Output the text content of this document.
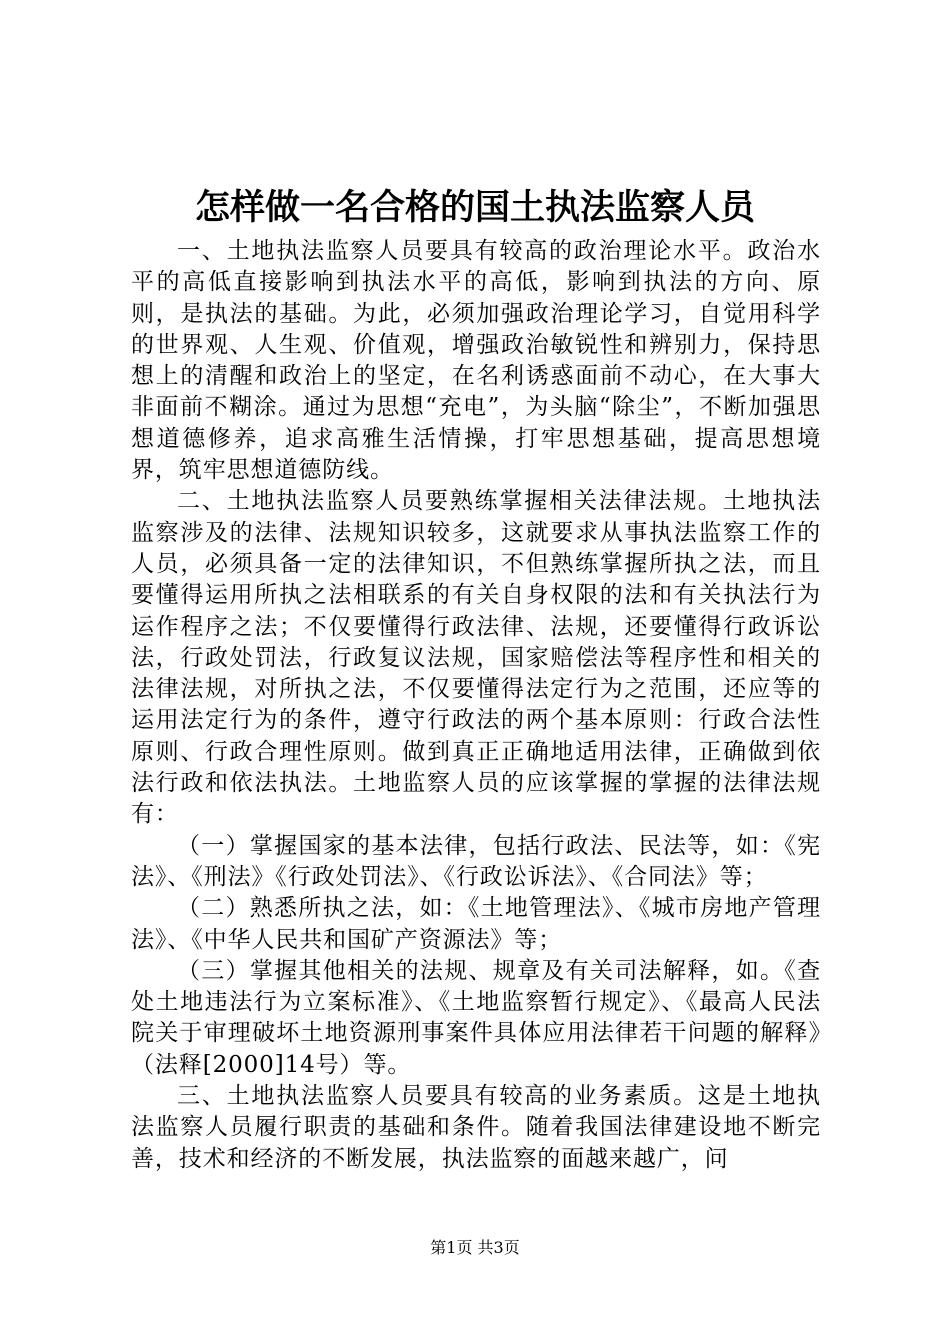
怎样做一名合格的国土执法监察人员

一、土地执法监察人员要具有较高的政治理论水平。政治水平的高低直接影响到执法水平的高低，影响到执法的方向、原则，是执法的基础。为此，必须加强政治理论学习，自觉用科学的世界观、人生观、价值观，增强政治敏锐性和辨别力，保持思想上的清醒和政治上的坚定，在名利诱惑面前不动心，在大事大非面前不糊涂。通过为思想“充电”，为头脑“除尘”，不断加强思想道德修养，追求高雅生活情操，打牢思想基础，提高思想境界，筑牢思想道德防线。

二、土地执法监察人员要熟练掌握相关法律法规。土地执法监察涉及的法律、法规知识较多，这就要求从事执法监察工作的人员，必须具备一定的法律知识，不但熟练掌握所执之法，而且要懂得运用所执之法相联系的有关自身权限的法和有关执法行为运作程序之法；不仅要懂得行政法律、法规，还要懂得行政诉讼法，行政处罚法，行政复议法规，国家赔偿法等程序性和相关的法律法规，对所执之法，不仅要懂得法定行为之范围，还应等的运用法定行为的条件，遵守行政法的两个基本原则：行政合法性原则、行政合理性原则。做到真正正确地适用法律，正确做到依法行政和依法执法。土地监察人员的应该掌握的掌握的法律法规有：

（一）掌握国家的基本法律，包括行政法、民法等，如：《宪法》、《刑法》《行政处罚法》、《行政讼诉法》、《合同法》等；

（二）熟悉所执之法，如：《土地管理法》、《城市房地产管理法》、《中华人民共和国矿产资源法》等；

（三）掌握其他相关的法规、规章及有关司法解释，如。《查处土地违法行为立案标准》、《土地监察暂行规定》、《最高人民法院关于审理破坏土地资源刑事案件具体应用法律若干问题的解释》（法释[2000]14号）等。

三、土地执法监察人员要具有较高的业务素质。这是土地执法监察人员履行职责的基础和条件。随着我国法律建设地不断完善，技术和经济的不断发展，执法监察的面越来越广，问

第1页 共3页
